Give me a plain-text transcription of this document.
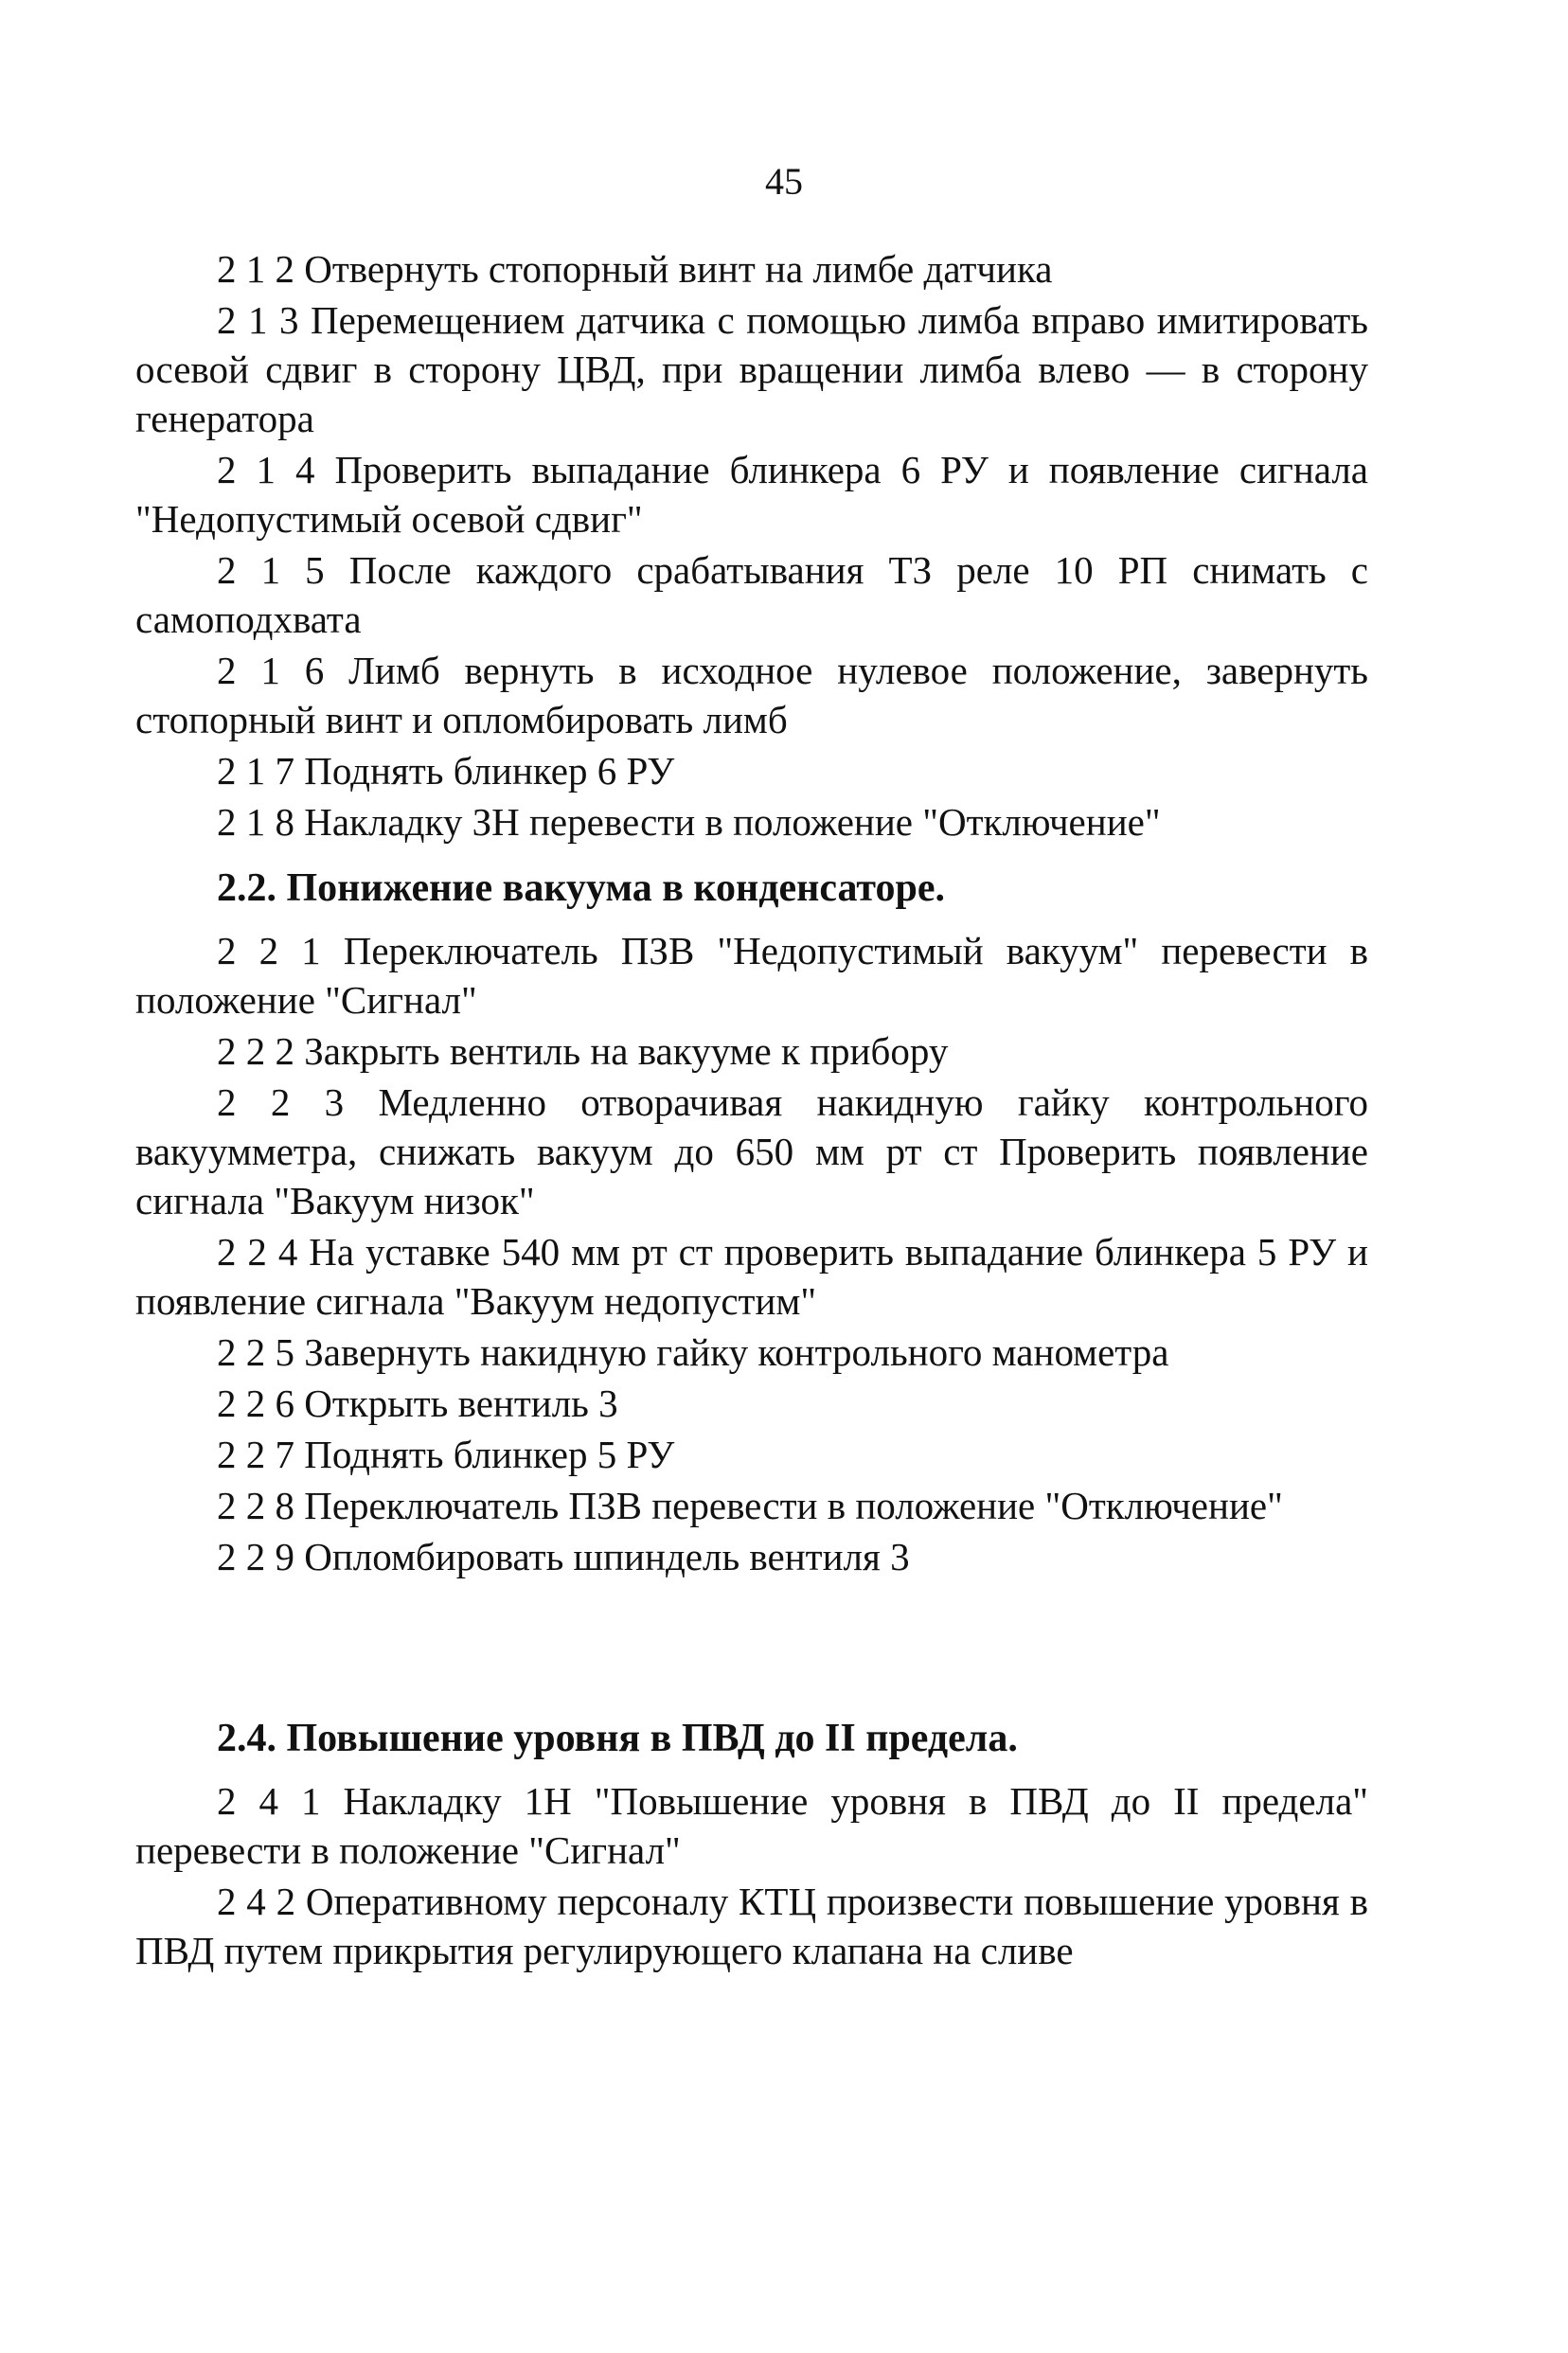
45

2 1 2 Отвернуть стопорный винт на лимбе датчика

2 1 3 Перемещением датчика с помощью лимба вправо имитировать осевой сдвиг в сторону ЦВД, при вращении лимба влево — в сторону генератора

2 1 4 Проверить выпадание блинкера 6 РУ и появление сигнала "Недопустимый осевой сдвиг"

2 1 5 После каждого срабатывания ТЗ реле 10 РП снимать с самоподхвата

2 1 6 Лимб вернуть в исходное нулевое положение, завернуть стопорный винт и опломбировать лимб

2 1 7 Поднять блинкер 6 РУ

2 1 8 Накладку ЗН перевести в положение "Отключение"

2.2. Понижение вакуума в конденсаторе.

2 2 1 Переключатель ПЗВ "Недопустимый вакуум" перевести в положение "Сигнал"

2 2 2 Закрыть вентиль на вакууме к прибору

2 2 3 Медленно отворачивая накидную гайку контрольного вакуумметра, снижать вакуум до 650 мм рт ст Проверить появление сигнала "Вакуум низок"

2 2 4 На уставке 540 мм рт ст проверить выпадание блинкера 5 РУ и появление сигнала "Вакуум недопустим"

2 2 5 Завернуть накидную гайку контрольного манометра

2 2 6 Открыть вентиль 3

2 2 7 Поднять блинкер 5 РУ

2 2 8 Переключатель ПЗВ перевести в положение "Отключение"

2 2 9 Опломбировать шпиндель вентиля 3

2.4. Повышение уровня в ПВД до II предела.

2 4 1 Накладку 1Н "Повышение уровня в ПВД до II предела" перевести в положение "Сигнал"

2 4 2 Оперативному персоналу КТЦ произвести повышение уровня в ПВД путем прикрытия регулирующего клапана на сливе
